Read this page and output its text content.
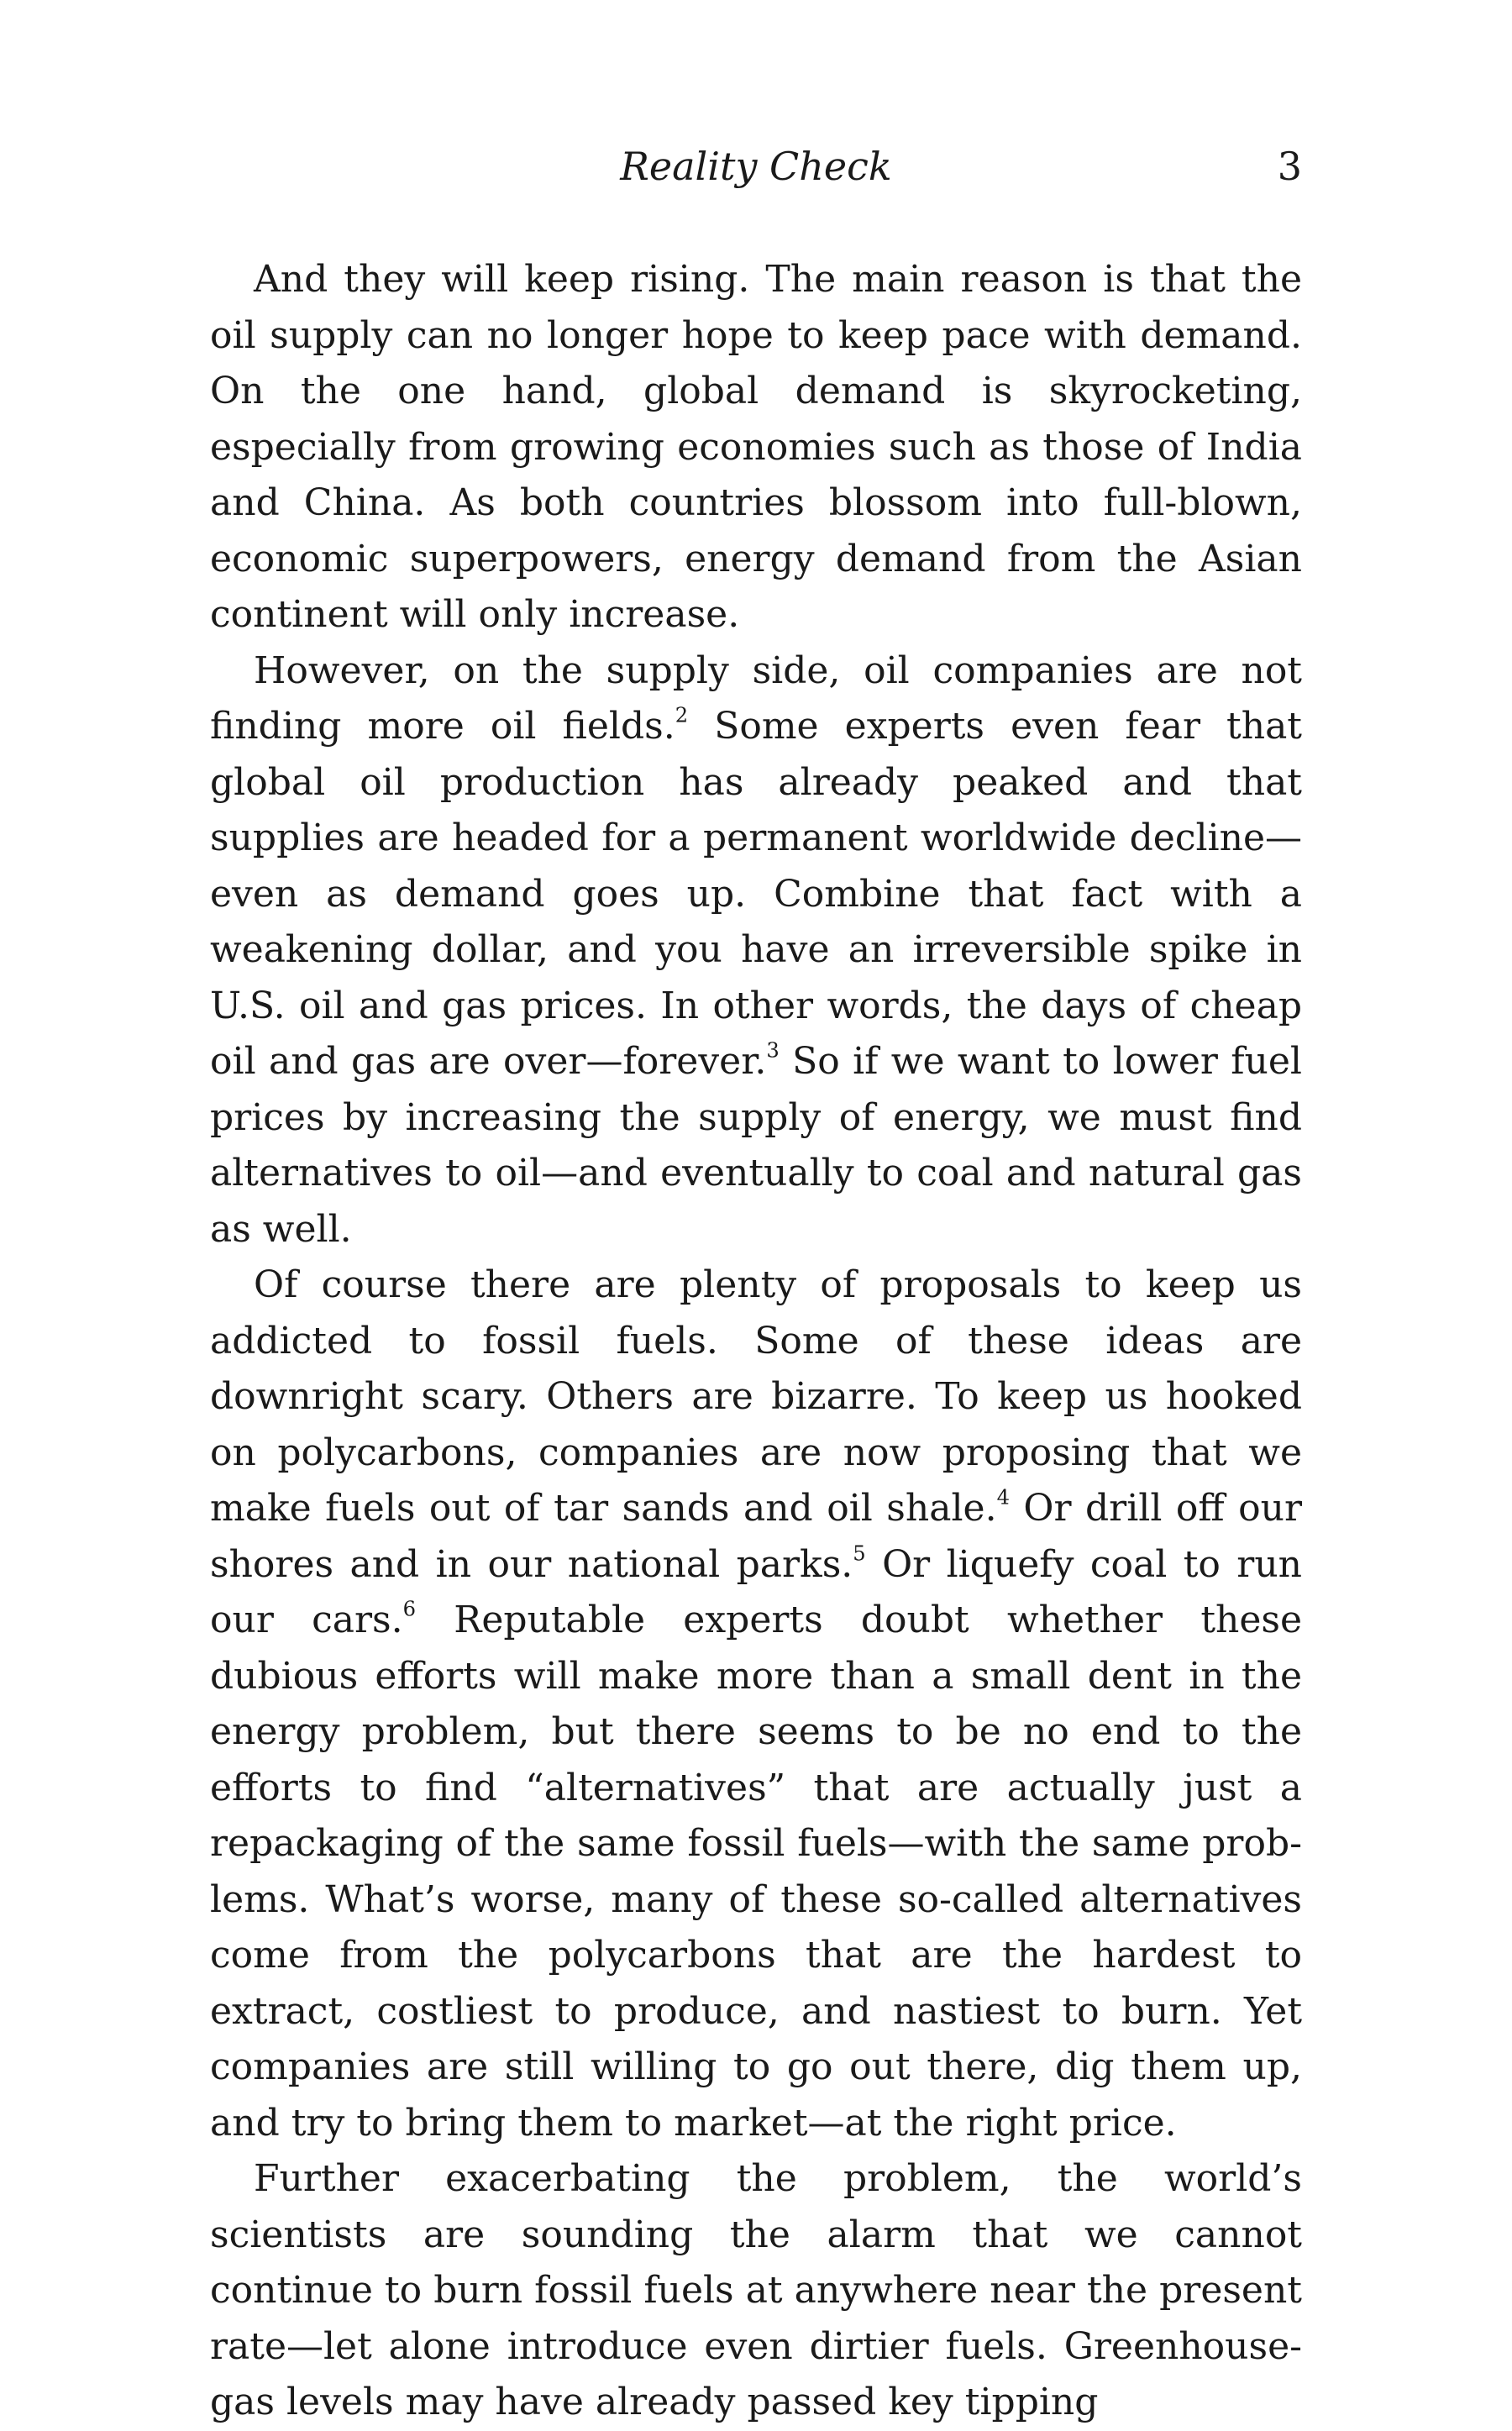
Reality Check	3

And they will keep rising. The main reason is that the oil supply can no longer hope to keep pace with demand. On the one hand, global demand is skyrocketing, especially from growing economies such as those of India and China. As both countries blossom into full-blown, economic superpowers, energy demand from the Asian continent will only increase.

However, on the supply side, oil companies are not finding more oil fields.$^2$ Some experts even fear that global oil production has already peaked and that supplies are headed for a permanent worldwide decline—even as demand goes up. Combine that fact with a weakening dollar, and you have an irreversible spike in U.S. oil and gas prices. In other words, the days of cheap oil and gas are over—forever.$^3$ So if we want to lower fuel prices by increasing the supply of energy, we must find alternatives to oil—and eventually to coal and natural gas as well.

Of course there are plenty of proposals to keep us addicted to fossil fuels. Some of these ideas are downright scary. Others are bizarre. To keep us hooked on polycarbons, companies are now proposing that we make fuels out of tar sands and oil shale.$^4$ Or drill off our shores and in our national parks.$^5$ Or liquefy coal to run our cars.$^6$ Reputable experts doubt whether these dubious efforts will make more than a small dent in the energy problem, but there seems to be no end to the efforts to find “alternatives” that are actually just a repackaging of the same fossil fuels—with the same problems. What’s worse, many of these so-called alternatives come from the polycarbons that are the hardest to extract, costliest to produce, and nastiest to burn. Yet companies are still willing to go out there, dig them up, and try to bring them to market—at the right price.

Further exacerbating the problem, the world’s scientists are sounding the alarm that we cannot continue to burn fossil fuels at anywhere near the present rate—let alone introduce even dirtier fuels. Greenhouse-gas levels may have already passed key tipping
